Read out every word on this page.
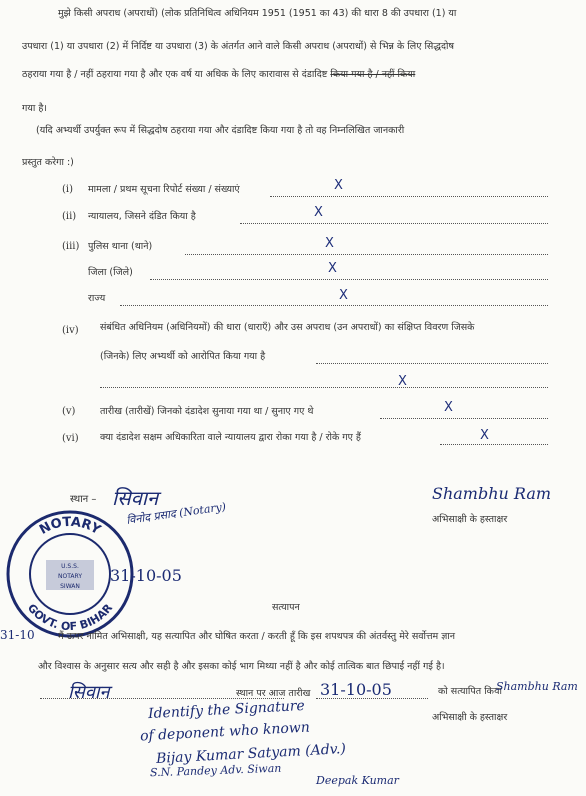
मुझे किसी अपराध (अपराधों) (लोक प्रतिनिधित्व अधिनियम 1951 (1951 का 43) की धारा 8 की उपधारा (1) या
उपधारा (1) या उपधारा (2) में निर्दिष्ट या उपधारा (3) के अंतर्गत आने वाले किसी अपराध (अपराधों) से भिन्न के लिए सिद्धदोष
ठहराया गया है / नहीं ठहराया गया है और एक वर्ष या अधिक के लिए कारावास से दंडादिष्ट किया गया है / नहीं किया
गया है।
(यदि अभ्यर्थी उपर्युक्त रूप में सिद्धदोष ठहराया गया और दंडादिष्ट किया गया है तो वह निम्नलिखित जानकारी
प्रस्तुत करेगा :)
(i) मामला / प्रथम सूचना रिपोर्ट संख्या / संख्याएं	X
(ii) न्यायालय, जिसने दंडित किया है	X
(iii) पुलिस थाना (थाने)	X
जिला (जिले)	X
राज्य	X
(iv) संबंधित अधिनियम (अधिनियमों) की धारा (धाराएँ) और उस अपराध (उन अपराधों) का संक्षिप्त विवरण जिसके
(जिनके) लिए अभ्यर्थी को आरोपित किया गया है
X
(v)	तारीख (तारीखें) जिनको दंडादेश सुनाया गया था / सुनाए गए थे	X
(vi) क्या दंडादेश सक्षम अधिकारिता वाले न्यायालय द्वारा रोका गया है / रोके गए हैं	X
स्थान – सिवान	Shambhu Ram
अभिसाक्षी के हस्ताक्षर
NOTARY
GOVT. OF BIHAR
U.S.S.
NOTARY
SIWAN
विनोद प्रसाद (Notary)
31-10-05
31-10
सत्यापन
मैं ऊपर नामित अभिसाक्षी, यह सत्यापित और घोषित करता / करती हूँ कि इस शपथपत्र की अंतर्वस्तु मेरे सर्वोत्तम ज्ञान
और विश्वास के अनुसार सत्य और सही है और इसका कोई भाग मिथ्या नहीं है और कोई तात्विक बात छिपाई नहीं गई है।
सिवान	स्थान पर आज तारीख 31-10-05	को सत्यापित किया
Shambhu Ram
अभिसाक्षी के हस्ताक्षर
Identify the Signature
of deponent who known
Bijay Kumar Satyam (Adv.)
S.N. Pandey Adv. Siwan
Deepak Kumar
